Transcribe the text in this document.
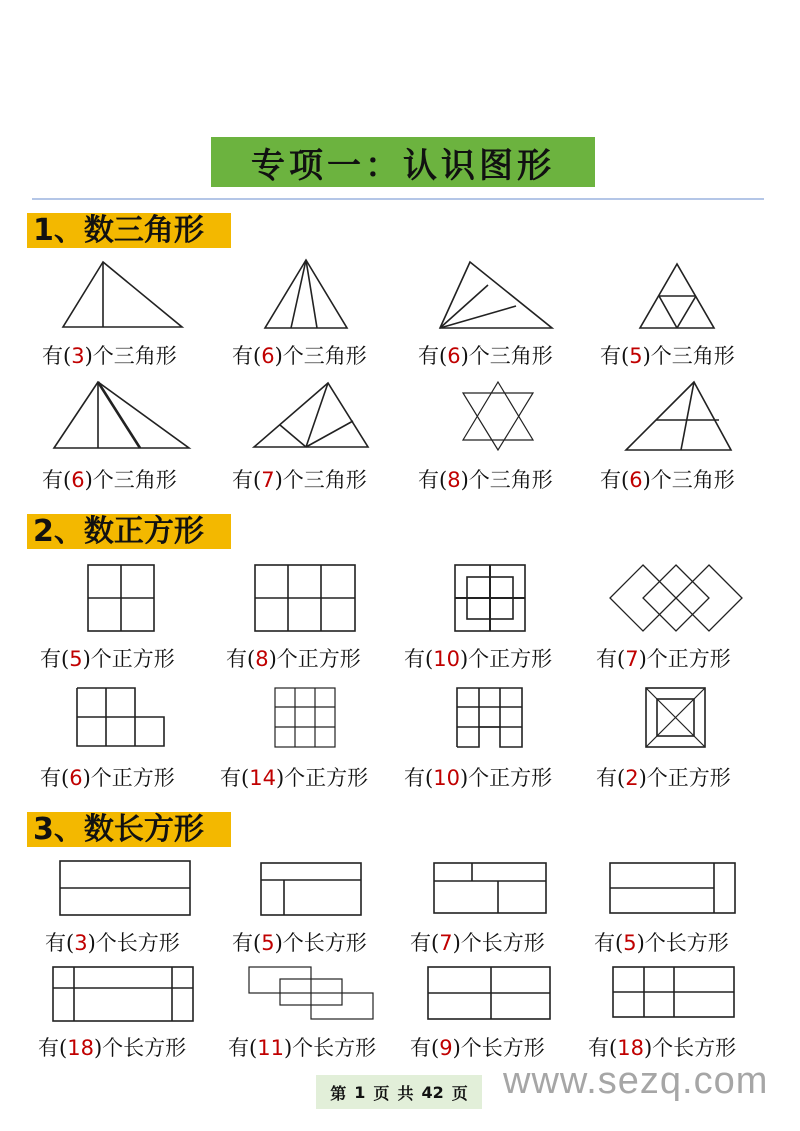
专项一：认识图形
1、数三角形
有(3)个三角形	有(6)个三角形 有(6)个三角形 有(5)个三角形
有(6)个三角形	有(7)个三角形 有(8)个三角形 有(6)个三角形
2、数正方形
有(5)个正方形 有(8)个正方形 有(10)个正方形 有(7)个正方形
有(6)个正方形 有(14)个正方形 有(10)个正方形 有(2)个正方形
3、数长方形
有(3)个长方形 有(5)个长方形 有(7)个长方形 有(5)个长方形
有(18)个长方形 有(11)个长方形 有(9)个长方形 有(18)个长方形
第 1 页 共 42 页 www.sezq.com
